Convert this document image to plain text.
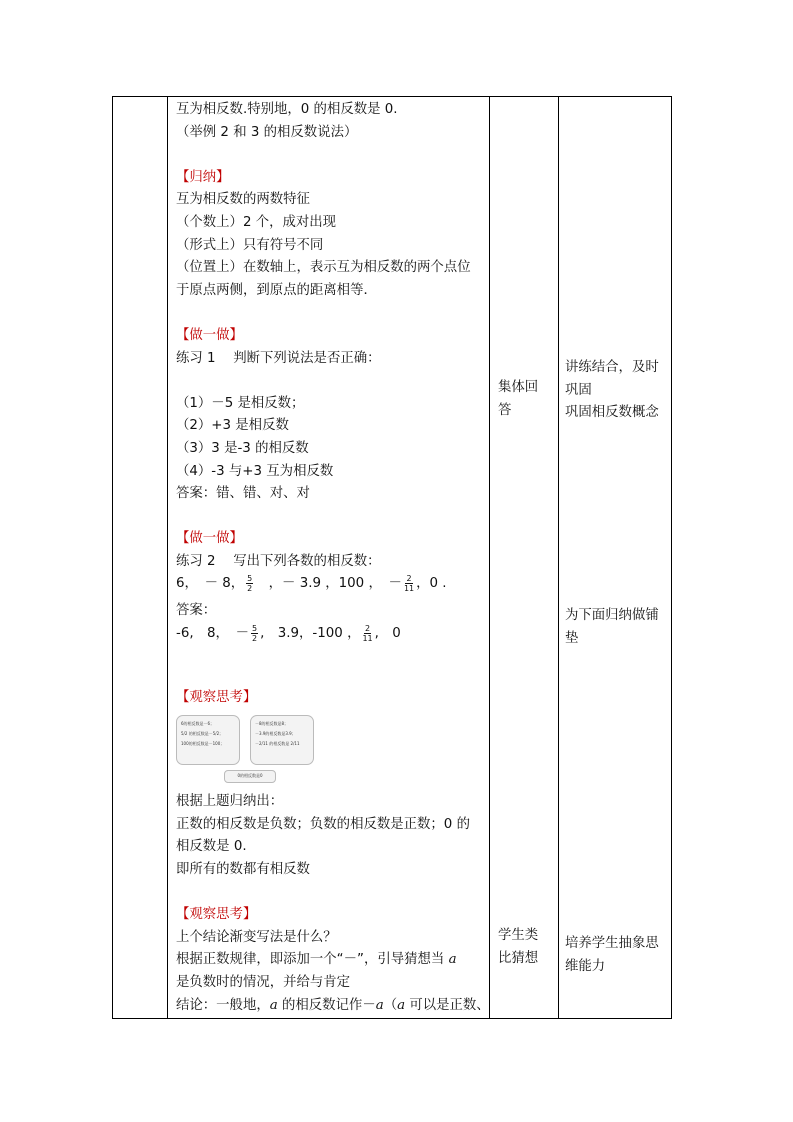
互为相反数.特别地，0 的相反数是 0.
（举例 2 和 3 的相反数说法）
【归纳】
互为相反数的两数特征
（个数上）2 个，成对出现
（形式上）只有符号不同
（位置上）在数轴上，表示互为相反数的两个点位
于原点两侧，到原点的距离相等．
【做一做】
练习 1　 判断下列说法是否正确：
（1）－5 是相反数；
（2）+3 是相反数
（3）3 是-3 的相反数
（4）-3 与+3 互为相反数
答案：错、错、对、对
【做一做】
练习 2　 写出下列各数的相反数：
6，　－ 8， $\frac{5}{2}$ 　，－ 3.9 ，100 ，　－ $\frac{2}{11}$ ，0 .
答案：
-6,　8，　－ $\frac{5}{2}$ ,　3.9，-100 ， $\frac{2}{11}$ ,　0
【观察思考】
6的相反数是－6；
5/2 的相反数是－5/2；
100的相反数是－100；
－8的相反数是8；
－3.9的相反数是3.9；
－2/11 的相反数是 2/11
0的相反数是0
根据上题归纳出：
正数的相反数是负数；负数的相反数是正数；0 的
相反数是 0.
即所有的数都有相反数
【观察思考】
上个结论渐变写法是什么？
根据正数规律，即添加一个“－”，引导猜想当 a
是负数时的情况，并给与肯定
结论：一般地，a 的相反数记作－a（a 可以是正数、
集体回
答
学生类
比猜想
讲练结合，及时
巩固
巩固相反数概念
为下面归纳做铺
垫
培养学生抽象思
维能力
